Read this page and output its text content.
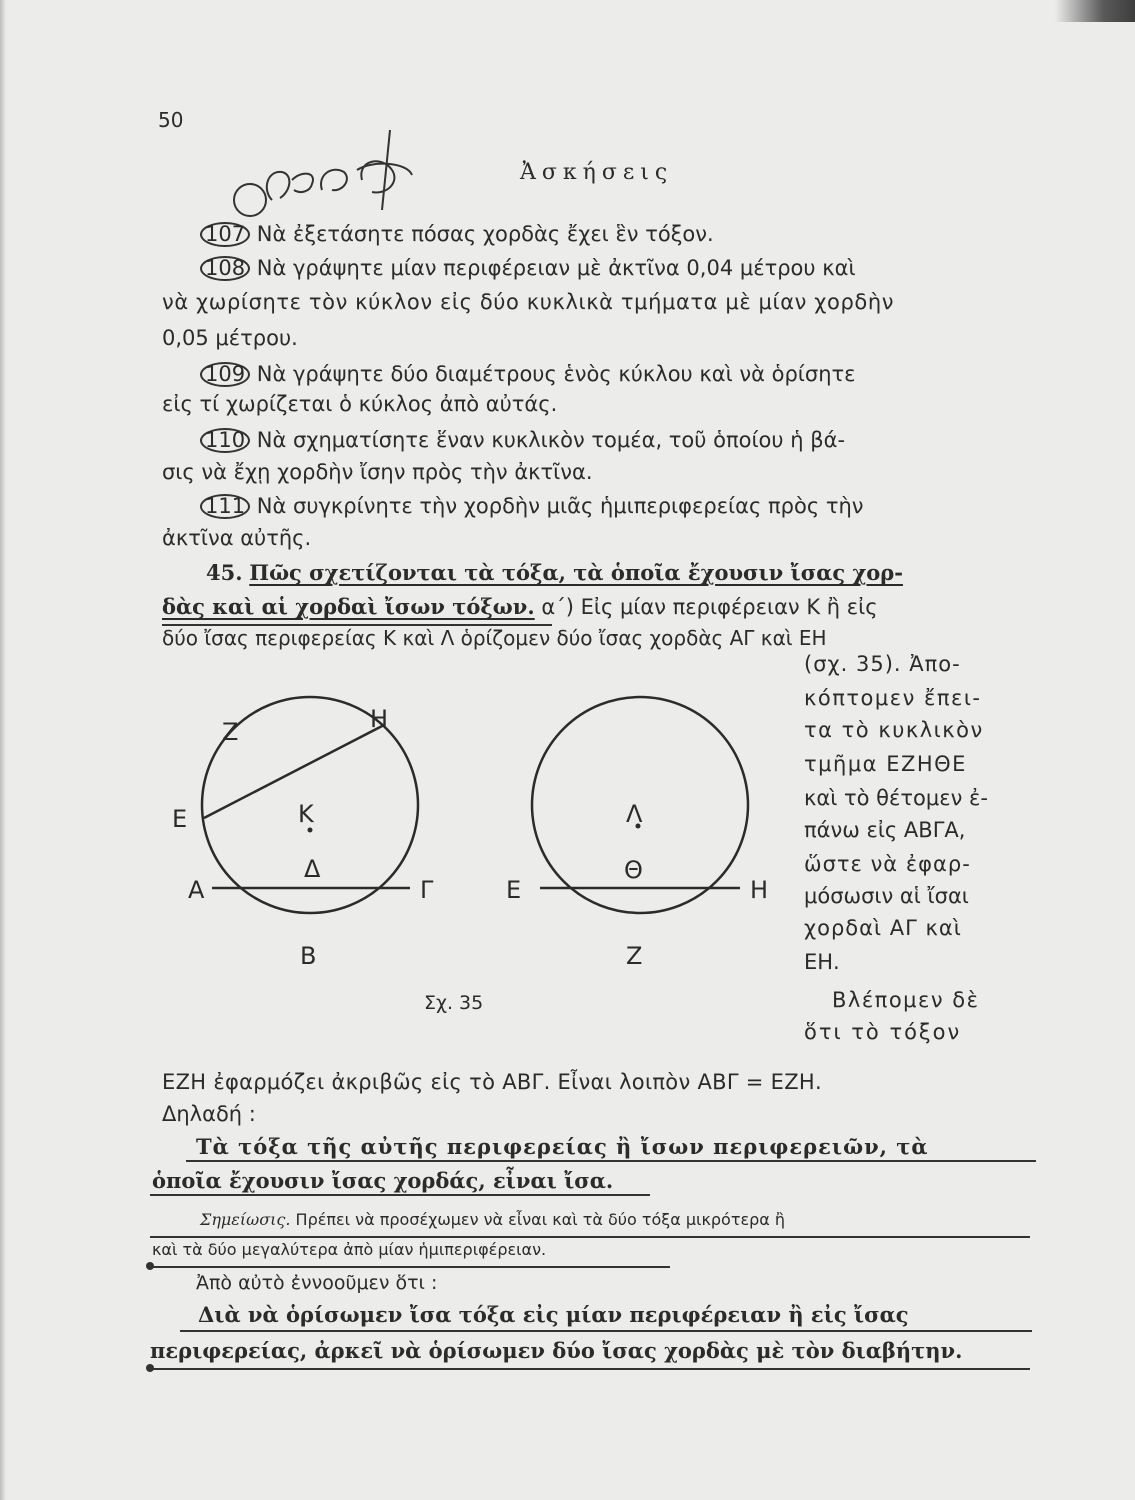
50
Ἀσκήσεις
107 Νὰ ἐξετάσητε πόσας χορδὰς ἔχει ἓν τόξον.
108 Νὰ γράψητε μίαν περιφέρειαν μὲ ἀκτῖνα 0,04 μέτρου καὶ
νὰ χωρίσητε τὸν κύκλον εἰς δύο κυκλικὰ τμήματα μὲ μίαν χορδὴν
0,05 μέτρου.
109 Νὰ γράψητε δύο διαμέτρους ἑνὸς κύκλου καὶ νὰ ὁρίσητε
εἰς τί χωρίζεται ὁ κύκλος ἀπὸ αὐτάς.
110 Νὰ σχηματίσητε ἕναν κυκλικὸν τομέα, τοῦ ὁποίου ἡ βά-
σις νὰ ἔχῃ χορδὴν ἴσην πρὸς τὴν ἀκτῖνα.
111 Νὰ συγκρίνητε τὴν χορδὴν μιᾶς ἡμιπεριφερείας πρὸς τὴν
ἀκτῖνα αὐτῆς.
45. Πῶς σχετίζονται τὰ τόξα, τὰ ὁποῖα ἔχουσιν ἴσας χορ-
δὰς καὶ αἱ χορδαὶ ἴσων τόξων. α΄) Εἰς μίαν περιφέρειαν Κ ἢ εἰς
δύο ἴσας περιφερείας Κ καὶ Λ ὁρίζομεν δύο ἴσας χορδὰς ΑΓ καὶ ΕΗ
(σχ. 35). Ἀπο-
κόπτομεν ἔπει-
τα τὸ κυκλικὸν
τμῆμα ΕΖΗΘΕ
καὶ τὸ θέτομεν ἐ-
πάνω εἰς ΑΒΓΑ,
ὥστε νὰ ἐφαρ-
μόσωσιν αἱ ἴσαι
χορδαὶ ΑΓ καὶ
ΕΗ.
Βλέπομεν δὲ
ὅτι τὸ τόξον
Ζ	Η
Ε	Κ
Δ
Α	Γ
Β
Λ
Θ
Ε	Η
Ζ
Σχ. 35
ΕΖΗ ἐφαρμόζει ἀκριβῶς εἰς τὸ ΑΒΓ. Εἶναι λοιπὸν ΑΒΓ = ΕΖΗ.
Δηλαδή :
Τὰ τόξα τῆς αὐτῆς περιφερείας ἢ ἴσων περιφερειῶν, τὰ
ὁποῖα ἔχουσιν ἴσας χορδάς, εἶναι ἴσα.
Σημείωσις. Πρέπει νὰ προσέχωμεν νὰ εἶναι καὶ τὰ δύο τόξα μικρότερα ἢ
καὶ τὰ δύο μεγαλύτερα ἀπὸ μίαν ἡμιπεριφέρειαν.
Ἀπὸ αὐτὸ ἐννοοῦμεν ὅτι :
Διὰ νὰ ὁρίσωμεν ἴσα τόξα εἰς μίαν περιφέρειαν ἢ εἰς ἴσας
περιφερείας, ἀρκεῖ νὰ ὁρίσωμεν δύο ἴσας χορδὰς μὲ τὸν διαβήτην.
